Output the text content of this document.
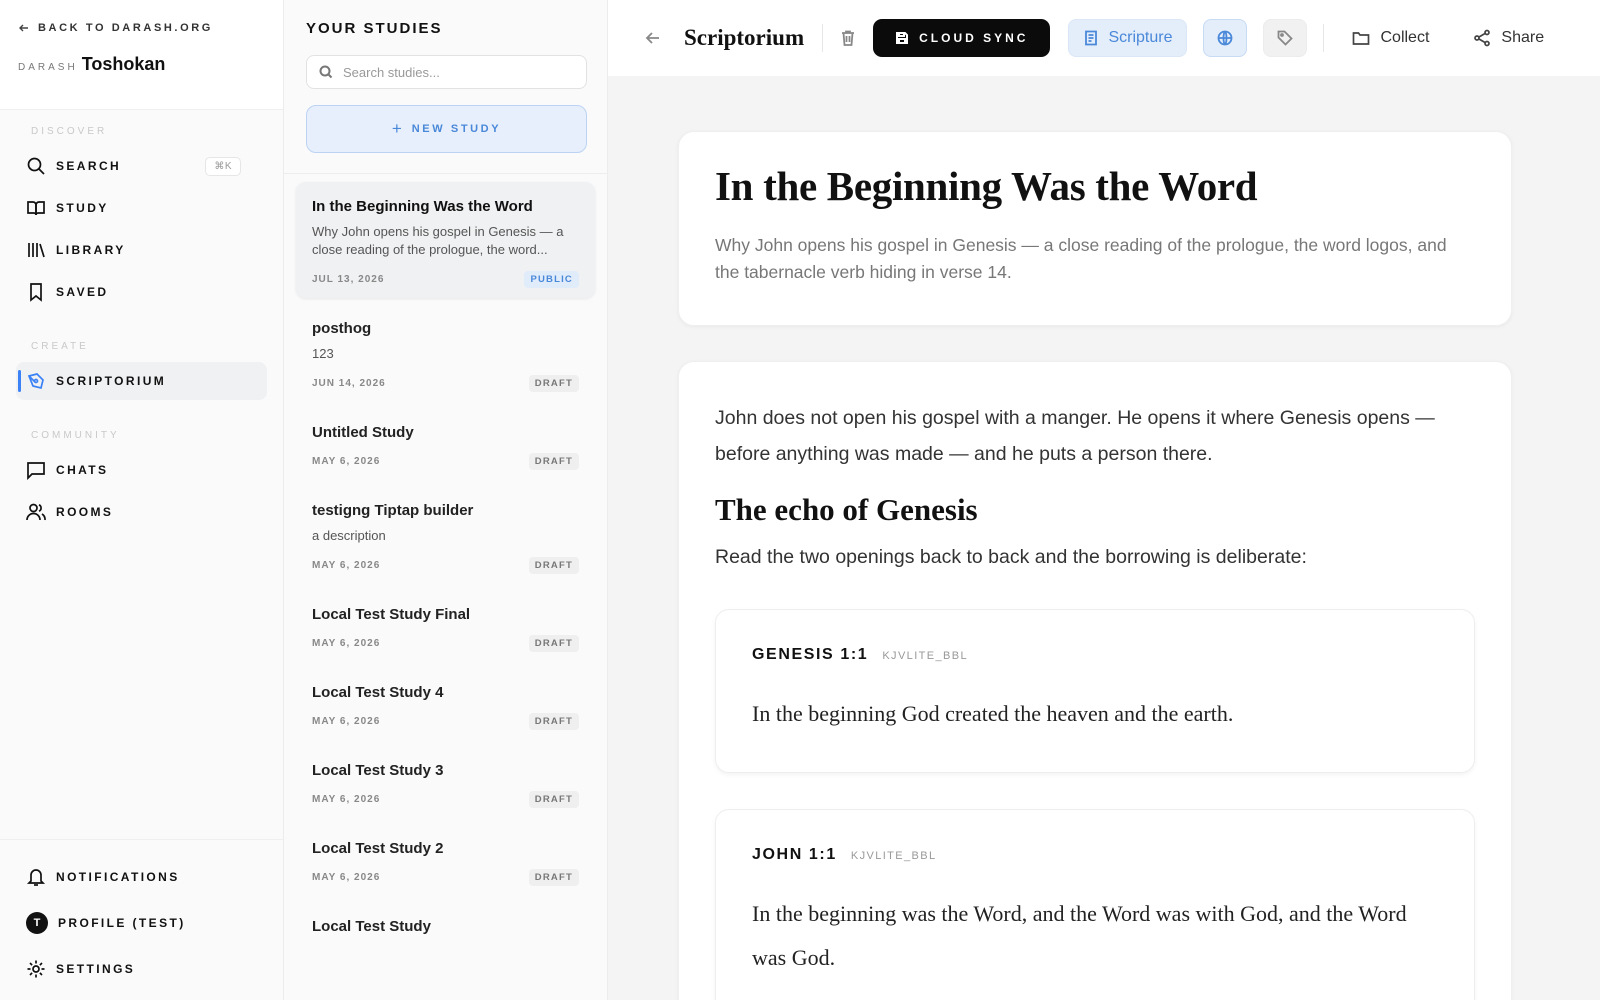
BACK TO DARASH.ORG
DARASH Toshokan
DISCOVER
SEARCH	⌘K
STUDY
LIBRARY
SAVED
CREATE
SCRIPTORIUM
COMMUNITY
CHATS
ROOMS
NOTIFICATIONS
T	PROFILE (TEST)
SETTINGS
YOUR STUDIES
Search studies...
+ NEW STUDY
In the Beginning Was the Word
Why John opens his gospel in Genesis — a close reading of the prologue, the word...
JUL 13, 2026	PUBLIC
posthog
123
JUN 14, 2026	DRAFT
Untitled Study
MAY 6, 2026	DRAFT
testigng Tiptap builder
a description
MAY 6, 2026	DRAFT
Local Test Study Final
MAY 6, 2026	DRAFT
Local Test Study 4
MAY 6, 2026	DRAFT
Local Test Study 3
MAY 6, 2026	DRAFT
Local Test Study 2
MAY 6, 2026	DRAFT
Local Test Study
Scriptorium	CLOUD SYNC	Scripture	Collect	Share
In the Beginning Was the Word

Why John opens his gospel in Genesis — a close reading of the prologue, the word logos, and the tabernacle verb hiding in verse 14.

John does not open his gospel with a manger. He opens it where Genesis opens — before anything was made — and he puts a person there.

The echo of Genesis

Read the two openings back to back and the borrowing is deliberate:

GENESIS 1:1 KJVLITE_BBL

In the beginning God created the heaven and the earth.

JOHN 1:1 KJVLITE_BBL

In the beginning was the Word, and the Word was with God, and the Word was God.
